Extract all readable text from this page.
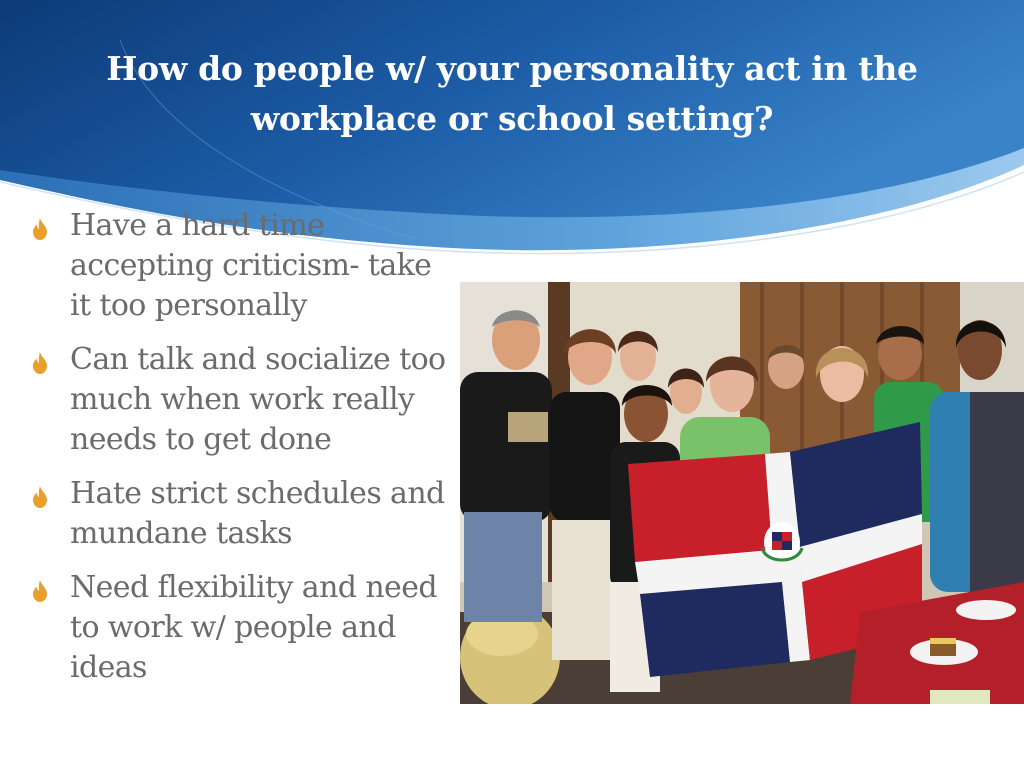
How do people w/ your personality act in the workplace or school setting?
Have a hard time accepting criticism- take it too personally
Can talk and socialize too much when work really needs to get done
Hate strict schedules and mundane tasks
Need flexibility and need to work w/ people and ideas
